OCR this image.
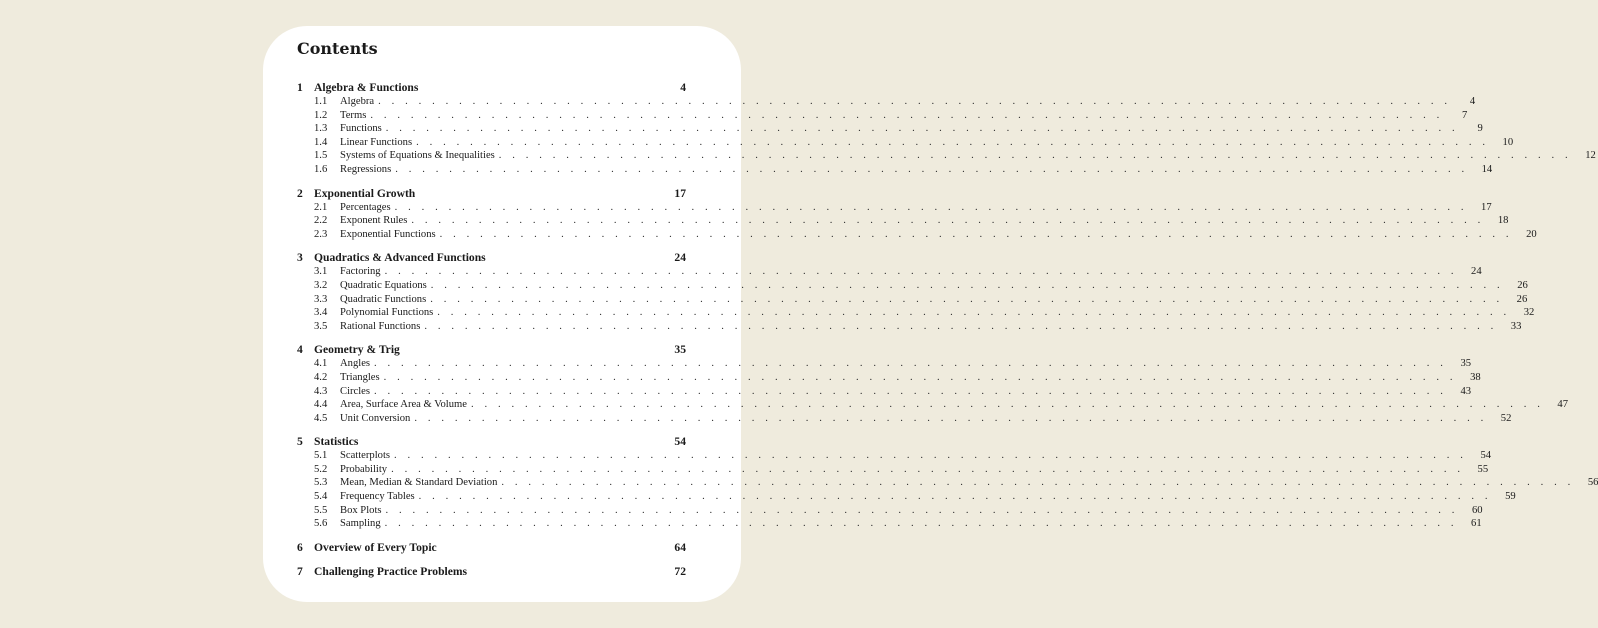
Contents
1 Algebra & Functions	4
1.1	Algebra . . . . . . . . . . . . . . . . . . . . . . . . . . . . . . . . . . . . . . . . . . . . . . . . . . . . . . . . . . . . . . . . . . . . . . . . . . . . . . . .	4
1.2	Terms . . . . . . . . . . . . . . . . . . . . . . . . . . . . . . . . . . . . . . . . . . . . . . . . . . . . . . . . . . . . . . . . . . . . . . . . . . . . . . . .	7
1.3	Functions . . . . . . . . . . . . . . . . . . . . . . . . . . . . . . . . . . . . . . . . . . . . . . . . . . . . . . . . . . . . . . . . . . . . . . . . . . . . . . . .	9
1.4	Linear Functions . . . . . . . . . . . . . . . . . . . . . . . . . . . . . . . . . . . . . . . . . . . . . . . . . . . . . . . . . . . . . . . . . . . . . . . . . . . . . . . .	10
1.5	Systems of Equations & Inequalities . . . . . . . . . . . . . . . . . . . . . . . . . . . . . . . . . . . . . . . . . . . . . . . . . . . . . . . . . . . . . . . . . . . . . . . . . . . . . . . .	12
1.6	Regressions . . . . . . . . . . . . . . . . . . . . . . . . . . . . . . . . . . . . . . . . . . . . . . . . . . . . . . . . . . . . . . . . . . . . . . . . . . . . . . . .	14
2 Exponential Growth	17
2.1	Percentages . . . . . . . . . . . . . . . . . . . . . . . . . . . . . . . . . . . . . . . . . . . . . . . . . . . . . . . . . . . . . . . . . . . . . . . . . . . . . . . .	17
2.2	Exponent Rules . . . . . . . . . . . . . . . . . . . . . . . . . . . . . . . . . . . . . . . . . . . . . . . . . . . . . . . . . . . . . . . . . . . . . . . . . . . . . . . .	18
2.3	Exponential Functions . . . . . . . . . . . . . . . . . . . . . . . . . . . . . . . . . . . . . . . . . . . . . . . . . . . . . . . . . . . . . . . . . . . . . . . . . . . . . . . .	20
3 Quadratics & Advanced Functions	24
3.1	Factoring . . . . . . . . . . . . . . . . . . . . . . . . . . . . . . . . . . . . . . . . . . . . . . . . . . . . . . . . . . . . . . . . . . . . . . . . . . . . . . . .	24
3.2	Quadratic Equations . . . . . . . . . . . . . . . . . . . . . . . . . . . . . . . . . . . . . . . . . . . . . . . . . . . . . . . . . . . . . . . . . . . . . . . . . . . . . . . .	26
3.3	Quadratic Functions . . . . . . . . . . . . . . . . . . . . . . . . . . . . . . . . . . . . . . . . . . . . . . . . . . . . . . . . . . . . . . . . . . . . . . . . . . . . . . . .	26
3.4	Polynomial Functions . . . . . . . . . . . . . . . . . . . . . . . . . . . . . . . . . . . . . . . . . . . . . . . . . . . . . . . . . . . . . . . . . . . . . . . . . . . . . . . .	32
3.5	Rational Functions . . . . . . . . . . . . . . . . . . . . . . . . . . . . . . . . . . . . . . . . . . . . . . . . . . . . . . . . . . . . . . . . . . . . . . . . . . . . . . . .	33
4 Geometry & Trig	35
4.1	Angles . . . . . . . . . . . . . . . . . . . . . . . . . . . . . . . . . . . . . . . . . . . . . . . . . . . . . . . . . . . . . . . . . . . . . . . . . . . . . . . .	35
4.2	Triangles . . . . . . . . . . . . . . . . . . . . . . . . . . . . . . . . . . . . . . . . . . . . . . . . . . . . . . . . . . . . . . . . . . . . . . . . . . . . . . . .	38
4.3	Circles . . . . . . . . . . . . . . . . . . . . . . . . . . . . . . . . . . . . . . . . . . . . . . . . . . . . . . . . . . . . . . . . . . . . . . . . . . . . . . . .	43
4.4	Area, Surface Area & Volume . . . . . . . . . . . . . . . . . . . . . . . . . . . . . . . . . . . . . . . . . . . . . . . . . . . . . . . . . . . . . . . . . . . . . . . . . . . . . . . .	47
4.5	Unit Conversion . . . . . . . . . . . . . . . . . . . . . . . . . . . . . . . . . . . . . . . . . . . . . . . . . . . . . . . . . . . . . . . . . . . . . . . . . . . . . . . .	52
5 Statistics	54
5.1	Scatterplots . . . . . . . . . . . . . . . . . . . . . . . . . . . . . . . . . . . . . . . . . . . . . . . . . . . . . . . . . . . . . . . . . . . . . . . . . . . . . . . .	54
5.2	Probability . . . . . . . . . . . . . . . . . . . . . . . . . . . . . . . . . . . . . . . . . . . . . . . . . . . . . . . . . . . . . . . . . . . . . . . . . . . . . . . .	55
5.3	Mean, Median & Standard Deviation . . . . . . . . . . . . . . . . . . . . . . . . . . . . . . . . . . . . . . . . . . . . . . . . . . . . . . . . . . . . . . . . . . . . . . . . . . . . . . . .	56
5.4	Frequency Tables . . . . . . . . . . . . . . . . . . . . . . . . . . . . . . . . . . . . . . . . . . . . . . . . . . . . . . . . . . . . . . . . . . . . . . . . . . . . . . . .	59
5.5	Box Plots . . . . . . . . . . . . . . . . . . . . . . . . . . . . . . . . . . . . . . . . . . . . . . . . . . . . . . . . . . . . . . . . . . . . . . . . . . . . . . . .	60
5.6	Sampling . . . . . . . . . . . . . . . . . . . . . . . . . . . . . . . . . . . . . . . . . . . . . . . . . . . . . . . . . . . . . . . . . . . . . . . . . . . . . . . .	61
6 Overview of Every Topic	64
7 Challenging Practice Problems	72
